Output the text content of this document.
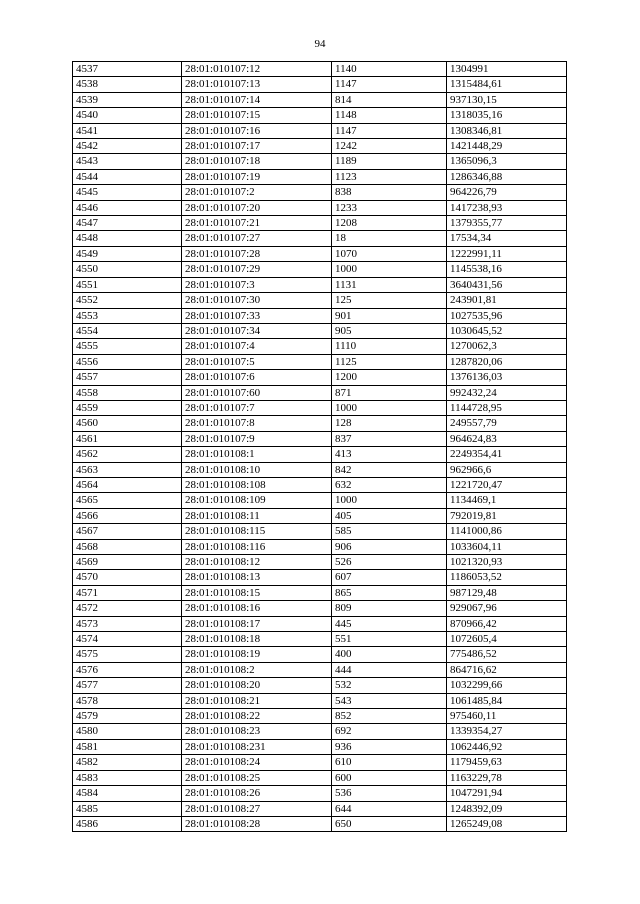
94
4537	28:01:010107:12	1140	1304991
4538	28:01:010107:13	1147	1315484,61
4539	28:01:010107:14	814	937130,15
4540	28:01:010107:15	1148	1318035,16
4541	28:01:010107:16	1147	1308346,81
4542	28:01:010107:17	1242	1421448,29
4543	28:01:010107:18	1189	1365096,3
4544	28:01:010107:19	1123	1286346,88
4545	28:01:010107:2	838	964226,79
4546	28:01:010107:20	1233	1417238,93
4547	28:01:010107:21	1208	1379355,77
4548	28:01:010107:27	18	17534,34
4549	28:01:010107:28	1070	1222991,11
4550	28:01:010107:29	1000	1145538,16
4551	28:01:010107:3	1131	3640431,56
4552	28:01:010107:30	125	243901,81
4553	28:01:010107:33	901	1027535,96
4554	28:01:010107:34	905	1030645,52
4555	28:01:010107:4	1110	1270062,3
4556	28:01:010107:5	1125	1287820,06
4557	28:01:010107:6	1200	1376136,03
4558	28:01:010107:60	871	992432,24
4559	28:01:010107:7	1000	1144728,95
4560	28:01:010107:8	128	249557,79
4561	28:01:010107:9	837	964624,83
4562	28:01:010108:1	413	2249354,41
4563	28:01:010108:10	842	962966,6
4564	28:01:010108:108	632	1221720,47
4565	28:01:010108:109	1000	1134469,1
4566	28:01:010108:11	405	792019,81
4567	28:01:010108:115	585	1141000,86
4568	28:01:010108:116	906	1033604,11
4569	28:01:010108:12	526	1021320,93
4570	28:01:010108:13	607	1186053,52
4571	28:01:010108:15	865	987129,48
4572	28:01:010108:16	809	929067,96
4573	28:01:010108:17	445	870966,42
4574	28:01:010108:18	551	1072605,4
4575	28:01:010108:19	400	775486,52
4576	28:01:010108:2	444	864716,62
4577	28:01:010108:20	532	1032299,66
4578	28:01:010108:21	543	1061485,84
4579	28:01:010108:22	852	975460,11
4580	28:01:010108:23	692	1339354,27
4581	28:01:010108:231	936	1062446,92
4582	28:01:010108:24	610	1179459,63
4583	28:01:010108:25	600	1163229,78
4584	28:01:010108:26	536	1047291,94
4585	28:01:010108:27	644	1248392,09
4586	28:01:010108:28	650	1265249,08
